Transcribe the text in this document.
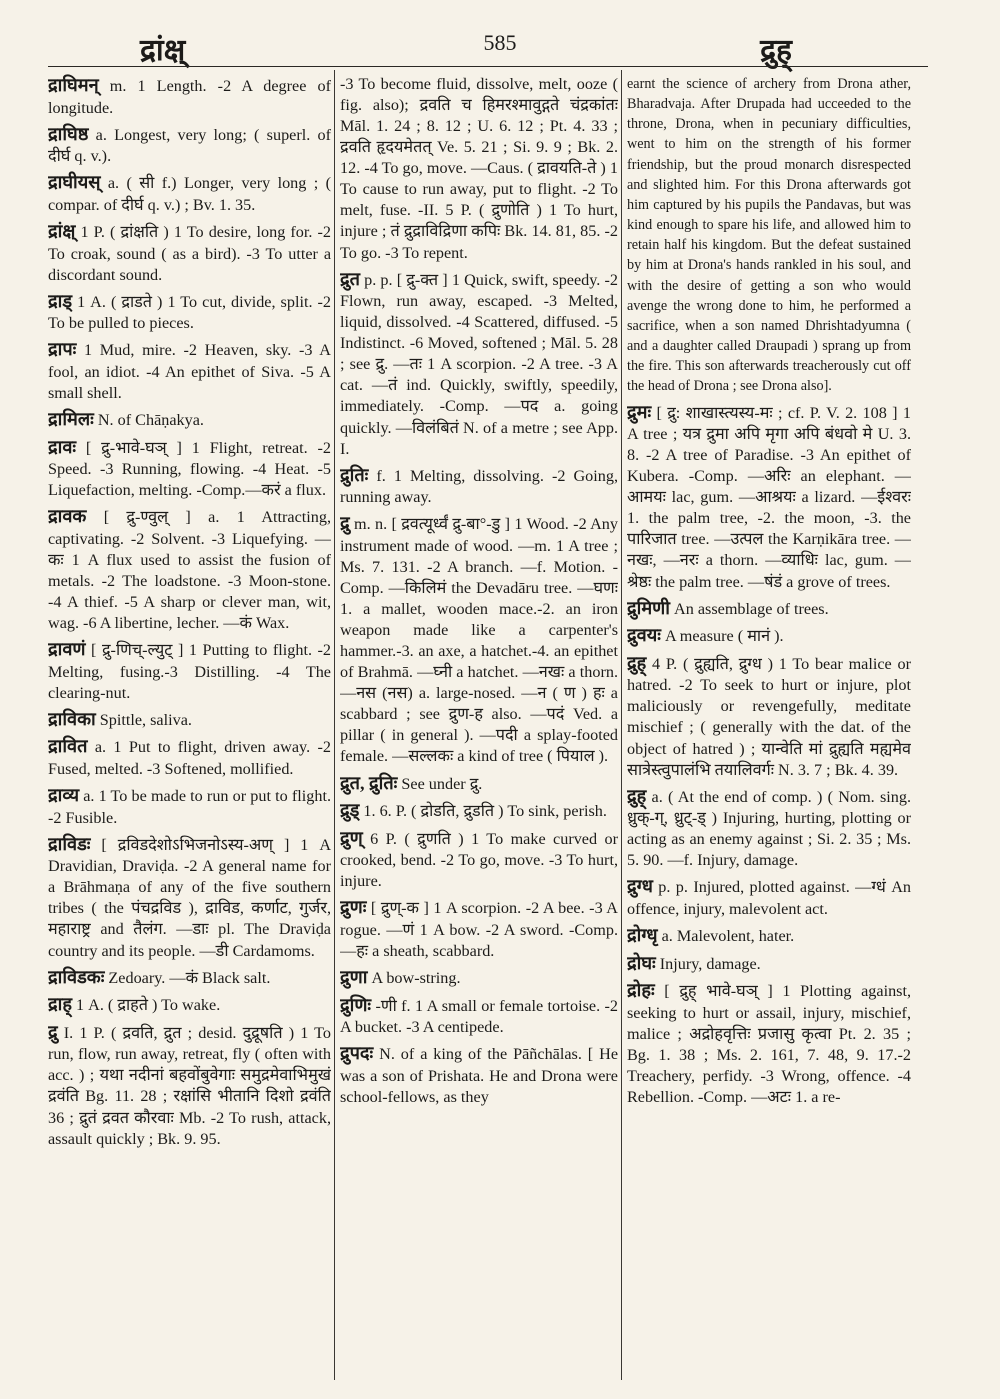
द्रांक्ष्	585	द्रुह्
द्राघिमन् m. 1 Length. -2 A degree of longitude.
द्राघिष्ठ a. Longest, very long; ( superl. of दीर्घ q. v.).
द्राघीयस् a. ( सी f.) Longer, very long ; ( compar. of दीर्घ q. v.) ; Bv. 1. 35.
द्रांक्ष् 1 P. ( द्रांक्षति ) 1 To desire, long for. -2 To croak, sound ( as a bird). -3 To utter a discordant sound.
द्राड् 1 A. ( द्राडते ) 1 To cut, divide, split. -2 To be pulled to pieces.
द्रापः 1 Mud, mire. -2 Heaven, sky. -3 A fool, an idiot. -4 An epithet of Siva. -5 A small shell.
द्रामिलः N. of Chāṇakya.
द्रावः [ द्रु-भावे-घञ् ] 1 Flight, retreat. -2 Speed. -3 Running, flowing. -4 Heat. -5 Liquefaction, melting. -Comp.—करं a flux.
द्रावक [ द्रु-ण्वुल् ] a. 1 Attracting, captivating. -2 Solvent. -3 Liquefying. —कः 1 A flux used to assist the fusion of metals. -2 The loadstone. -3 Moon-stone. -4 A thief. -5 A sharp or clever man, wit, wag. -6 A libertine, lecher. —कं Wax.
द्रावणं [ द्रु-णिच्-ल्युट् ] 1 Putting to flight. -2 Melting, fusing.-3 Distilling. -4 The clearing-nut.
द्राविका Spittle, saliva.
द्रावित a. 1 Put to flight, driven away. -2 Fused, melted. -3 Softened, mollified.
द्राव्य a. 1 To be made to run or put to flight. -2 Fusible.
द्राविडः [ द्रविडदेशोऽभिजनोऽस्य-अण् ] 1 A Dravidian, Draviḍa. -2 A general name for a Brāhmaṇa of any of the five southern tribes ( the पंचद्रविड ), द्राविड, कर्णाट, गुर्जर, महाराष्ट्र and तैलंग. —डाः pl. The Draviḍa country and its people. —डी Cardamoms.
द्राविडकः Zedoary. —कं Black salt.
द्राह् 1 A. ( द्राहते ) To wake.
द्रु I. 1 P. ( द्रवति, द्रुत ; desid. दुद्रूषति ) 1 To run, flow, run away, retreat, fly ( often with acc. ) ; यथा नदीनां बहवोंबुवेगाः समुद्रमेवाभिमुखं द्रवंति Bg. 11. 28 ; रक्षांसि भीतानि दिशो द्रवंति 36 ; द्रुतं द्रवत कौरवाः Mb. -2 To rush, attack, assault quickly ; Bk. 9. 95.
-3 To become fluid, dissolve, melt, ooze ( fig. also); द्रवति च हिमरश्मावुद्गते चंद्रकांतः Māl. 1. 24 ; 8. 12 ; U. 6. 12 ; Pt. 4. 33 ; द्रवति हृदयमेतत् Ve. 5. 21 ; Si. 9. 9 ; Bk. 2. 12. -4 To go, move. —Caus. ( द्रावयति-ते ) 1 To cause to run away, put to flight. -2 To melt, fuse. -II. 5 P. ( द्रुणोति ) 1 To hurt, injure ; तं द्रुद्राविद्रिणा कपिः Bk. 14. 81, 85. -2 To go. -3 To repent.
द्रुत p. p. [ द्रु-क्त ] 1 Quick, swift, speedy. -2 Flown, run away, escaped. -3 Melted, liquid, dissolved. -4 Scattered, diffused. -5 Indistinct. -6 Moved, softened ; Māl. 5. 28 ; see द्रु. —तः 1 A scorpion. -2 A tree. -3 A cat. —तं ind. Quickly, swiftly, speedily, immediately. -Comp. —पद a. going quickly. —विलंबितं N. of a metre ; see App. I.
द्रुतिः f. 1 Melting, dissolving. -2 Going, running away.
द्रु m. n. [ द्रवत्यूर्ध्वं द्रु-बा°-डु ] 1 Wood. -2 Any instrument made of wood. —m. 1 A tree ; Ms. 7. 131. -2 A branch. —f. Motion. -Comp. —किलिमं the Devadāru tree. —घणः 1. a mallet, wooden mace.-2. an iron weapon made like a carpenter's hammer.-3. an axe, a hatchet.-4. an epithet of Brahmā. —घ्नी a hatchet. —नखः a thorn. —नस (नस) a. large-nosed. —न ( ण ) हः a scabbard ; see द्रुण-ह also. —पदं Ved. a pillar ( in general ). —पदी a splay-footed female. —सल्लकः a kind of tree ( पियाल ).
द्रुत, द्रुतिः See under द्रु.
द्रुड् 1. 6. P. ( द्रोडति, द्रुडति ) To sink, perish.
द्रुण् 6 P. ( द्रुणति ) 1 To make curved or crooked, bend. -2 To go, move. -3 To hurt, injure.
द्रुणः [ द्रुण्-क ] 1 A scorpion. -2 A bee. -3 A rogue. —णं 1 A bow. -2 A sword. -Comp. —हः a sheath, scabbard.
द्रुणा A bow-string.
द्रुणिः -णी f. 1 A small or female tortoise. -2 A bucket. -3 A centipede.
द्रुपदः N. of a king of the Pāñchālas. [ He was a son of Prishata. He and Drona were school-fellows, as they
earnt the science of archery from Drona ather, Bharadvaja. After Drupada had ucceeded to the throne, Drona, when in pecuniary difficulties, went to him on the strength of his former friendship, but the proud monarch disrespected and slighted him. For this Drona afterwards got him captured by his pupils the Pandavas, but was kind enough to spare his life, and allowed him to retain half his kingdom. But the defeat sustained by him at Drona's hands rankled in his soul, and with the desire of getting a son who would avenge the wrong done to him, he performed a sacrifice, when a son named Dhrishtadyumna ( and a daughter called Draupadi ) sprang up from the fire. This son afterwards treacherously cut off the head of Drona ; see Drona also].
द्रुमः [ द्रु: शाखास्त्यस्य-मः ; cf. P. V. 2. 108 ] 1 A tree ; यत्र द्रुमा अपि मृगा अपि बंधवो मे U. 3. 8. -2 A tree of Paradise. -3 An epithet of Kubera. -Comp. —अरिः an elephant. —आमयः lac, gum. —आश्रयः a lizard. —ईश्वरः 1. the palm tree, -2. the moon, -3. the पारिजात tree. —उत्पल the Karṇikāra tree. —नखः, —नरः a thorn. —व्याधिः lac, gum. —श्रेष्ठः the palm tree. —षंडं a grove of trees.
द्रुमिणी An assemblage of trees.
द्रुवयः A measure ( मानं ).
द्रुह् 4 P. ( द्रुह्यति, द्रुग्ध ) 1 To bear malice or hatred. -2 To seek to hurt or injure, plot maliciously or revengefully, meditate mischief ; ( generally with the dat. of the object of hatred ) ; यान्वेति मां द्रुह्यति मह्यमेव सात्रेस्त्वुपालंभि तयालिवर्गः N. 3. 7 ; Bk. 4. 39.
द्रुह् a. ( At the end of comp. ) ( Nom. sing. ध्रुक्-ग्, ध्रुट्-ड् ) Injuring, hurting, plotting or acting as an enemy against ; Si. 2. 35 ; Ms. 5. 90. —f. Injury, damage.
द्रुग्ध p. p. Injured, plotted against. —ग्धं An offence, injury, malevolent act.
द्रोग्धृ a. Malevolent, hater.
द्रोघः Injury, damage.
द्रोहः [ द्रुह् भावे-घञ् ] 1 Plotting against, seeking to hurt or assail, injury, mischief, malice ; अद्रोहवृत्तिः प्रजासु कृत्वा Pt. 2. 35 ; Bg. 1. 38 ; Ms. 2. 161, 7. 48, 9. 17.-2 Treachery, perfidy. -3 Wrong, offence. -4 Rebellion. -Comp. —अटः 1. a re-
